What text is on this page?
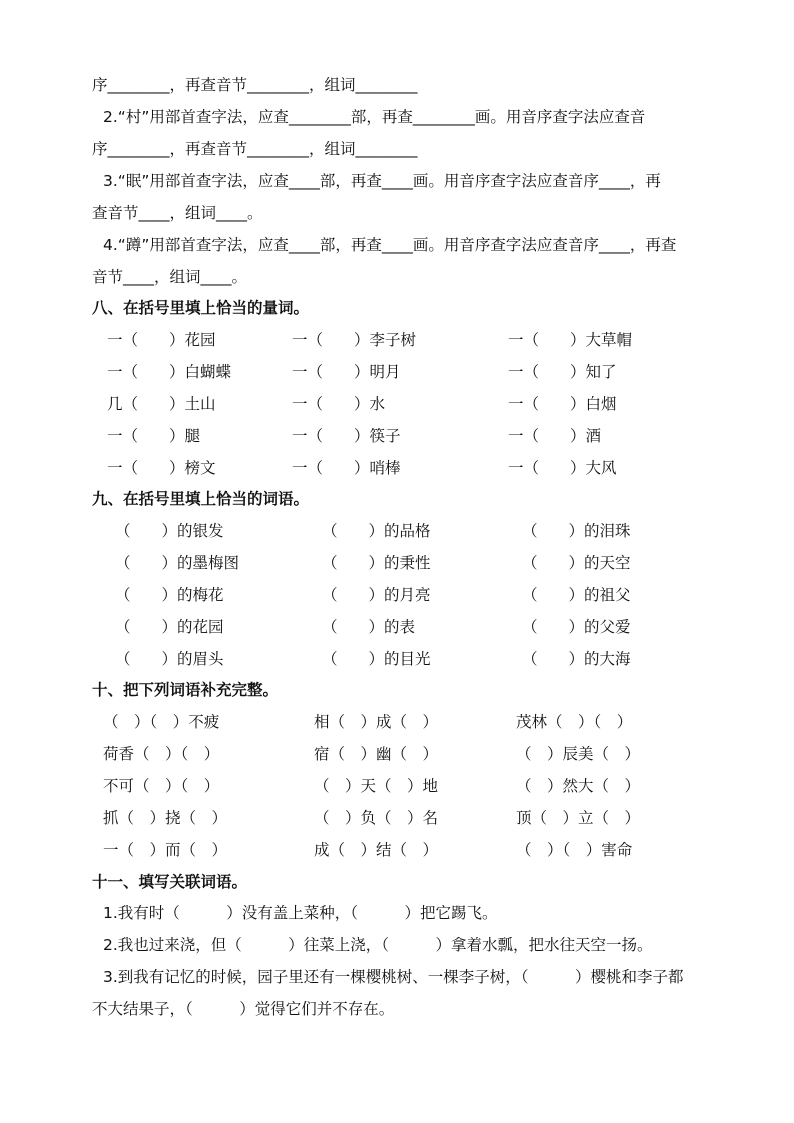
序________，再查音节________，组词________
2.“村”用部首查字法，应查________部，再查________画。用音序查字法应查音
序________，再查音节________，组词________
3.“眠”用部首查字法，应查____部，再查____画。用音序查字法应查音序____，再
查音节____，组词____。
4.“蹲”用部首查字法，应查____部，再查____画。用音序查字法应查音序____，再查
音节____，组词____。
八、在括号里填上恰当的量词。
一（　　）花园	一（　　）李子树	一（　　）大草帽
一（　　）白蝴蝶	一（　　）明月	一（　　）知了
几（　　）土山	一（　　）水	一（　　）白烟
一（　　）腿	一（　　）筷子	一（　　）酒
一（　　）榜文	一（　　）哨棒	一（　　）大风
九、在括号里填上恰当的词语。
（　　）的银发	（　　）的品格	（　　）的泪珠
（　　）的墨梅图	（　　）的秉性	（　　）的天空
（　　）的梅花	（　　）的月亮	（　　）的祖父
（　　）的花园	（　　）的表	（　　）的父爱
（　　）的眉头	（　　）的目光	（　　）的大海
十、把下列词语补充完整。
（　）（　）不疲	相（　）成（　）	茂林（　）（　）
荷香（　）（　）	宿（　）幽（　）	（　）辰美（　）
不可（　）（　）	（　）天（　）地	（　）然大（　）
抓（　）挠（　）	（　）负（　）名	顶（　）立（　）
一（　）而（　）	成（　）结（　）	（　）（　）害命
十一、填写关联词语。
1.我有时（　　　）没有盖上菜种，（　　　）把它踢飞。
2.我也过来浇，但（　　　）往菜上浇，（　　　）拿着水瓢，把水往天空一扬。
3.到我有记忆的时候，园子里还有一棵樱桃树、一棵李子树，（　　　）樱桃和李子都
不大结果子，（　　　）觉得它们并不存在。
